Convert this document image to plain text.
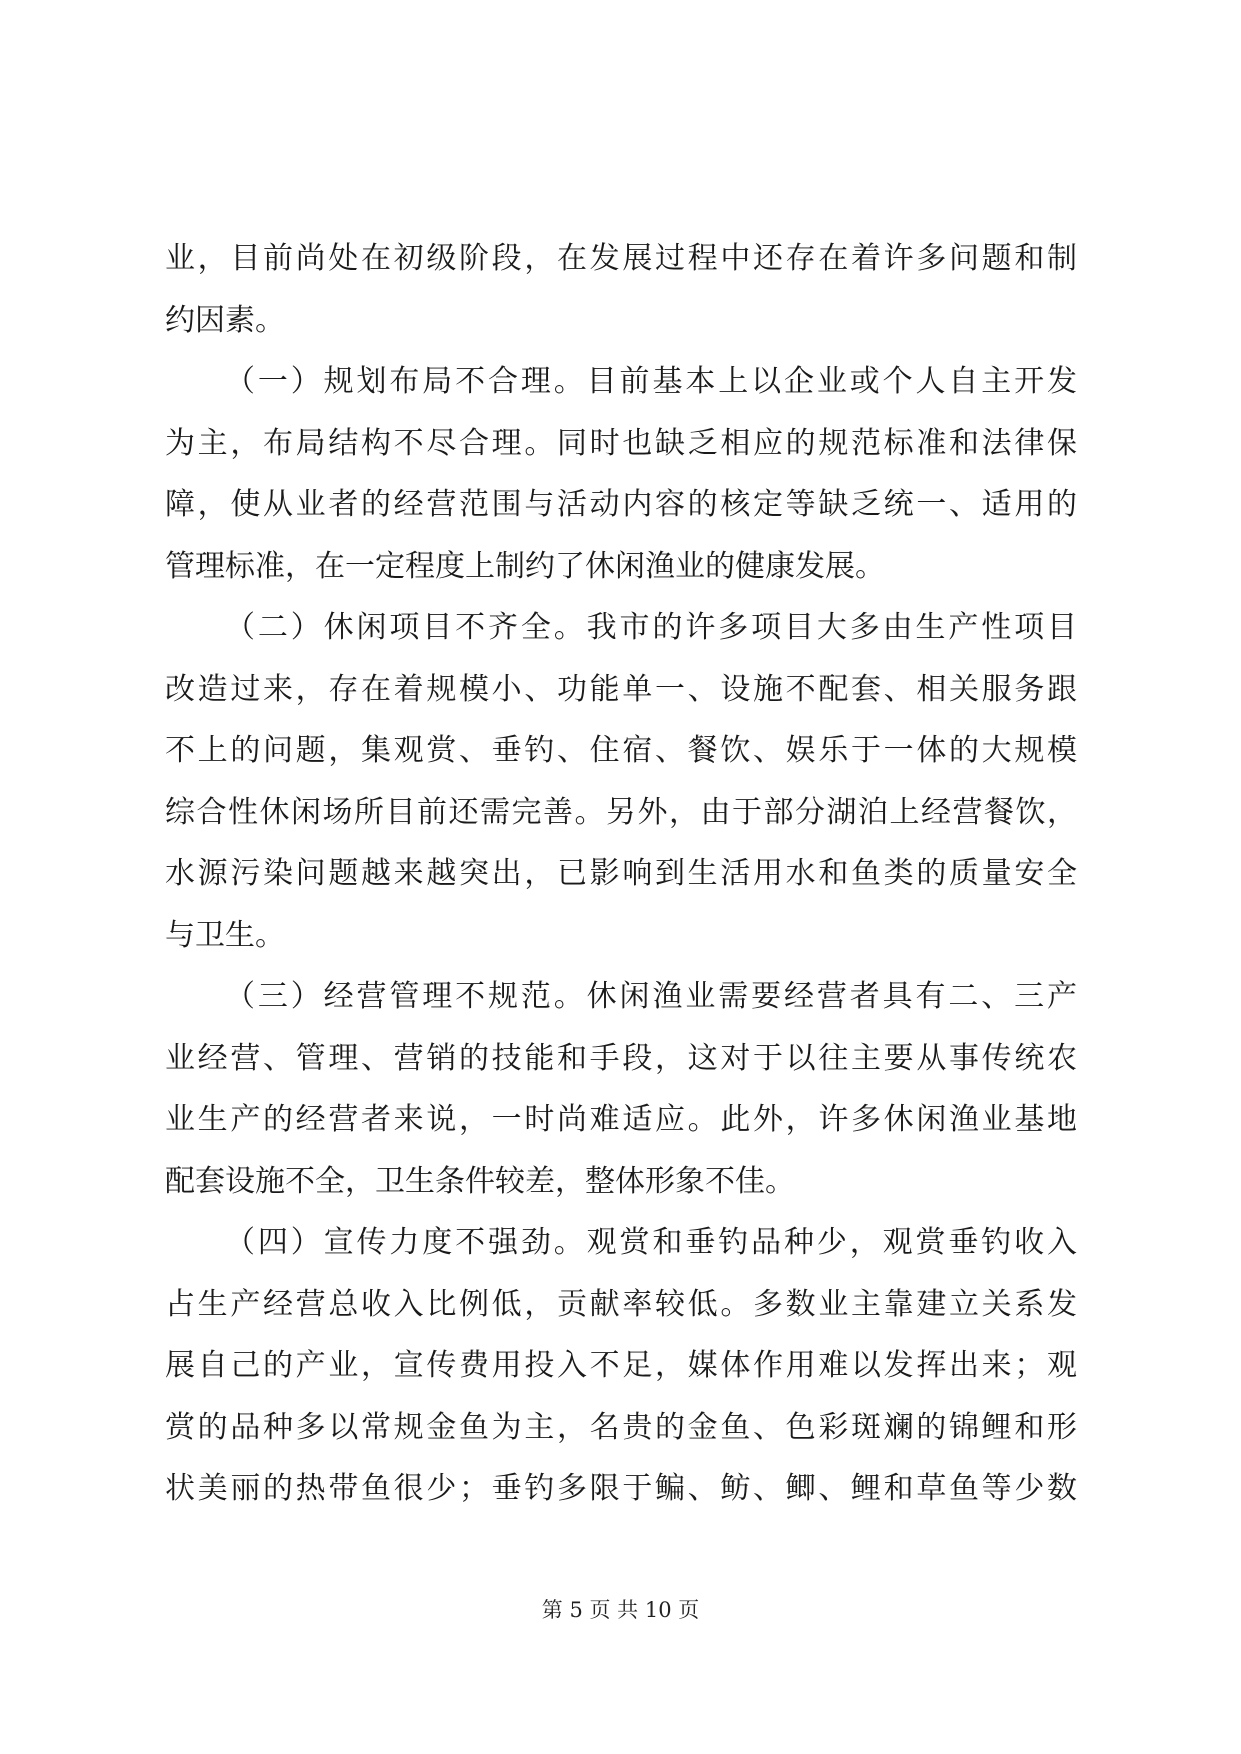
业，目前尚处在初级阶段，在发展过程中还存在着许多问题和制
约因素。
（一）规划布局不合理。目前基本上以企业或个人自主开发
为主，布局结构不尽合理。同时也缺乏相应的规范标准和法律保
障，使从业者的经营范围与活动内容的核定等缺乏统一、适用的
管理标准，在一定程度上制约了休闲渔业的健康发展。
（二）休闲项目不齐全。我市的许多项目大多由生产性项目
改造过来，存在着规模小、功能单一、设施不配套、相关服务跟
不上的问题，集观赏、垂钓、住宿、餐饮、娱乐于一体的大规模
综合性休闲场所目前还需完善。另外，由于部分湖泊上经营餐饮，
水源污染问题越来越突出，已影响到生活用水和鱼类的质量安全
与卫生。
（三）经营管理不规范。休闲渔业需要经营者具有二、三产
业经营、管理、营销的技能和手段，这对于以往主要从事传统农
业生产的经营者来说，一时尚难适应。此外，许多休闲渔业基地
配套设施不全，卫生条件较差，整体形象不佳。
（四）宣传力度不强劲。观赏和垂钓品种少，观赏垂钓收入
占生产经营总收入比例低，贡献率较低。多数业主靠建立关系发
展自己的产业，宣传费用投入不足，媒体作用难以发挥出来；观
赏的品种多以常规金鱼为主，名贵的金鱼、色彩斑斓的锦鲤和形
状美丽的热带鱼很少；垂钓多限于鳊、鲂、鲫、鲤和草鱼等少数
第 5 页 共 10 页
